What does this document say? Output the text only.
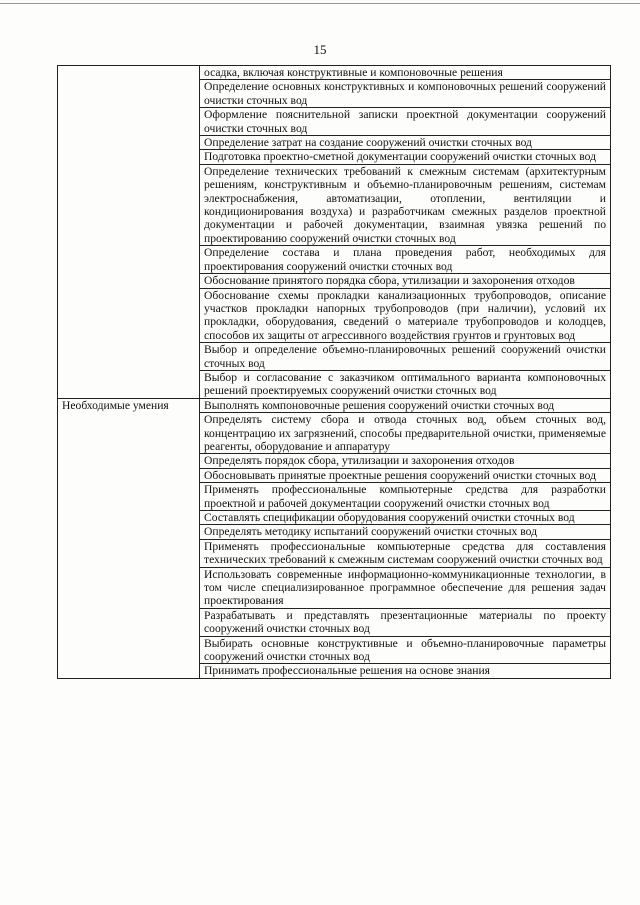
15

	осадка, включая конструктивные и компоновочные решения

	Определение основных конструктивных и компоновочных решений сооружений очистки сточных вод

	Оформление пояснительной записки проектной документации сооружений очистки сточных вод

	Определение затрат на создание сооружений очистки сточных вод

	Подготовка проектно-сметной документации сооружений очистки сточных вод

	Определение технических требований к смежным системам (архитектурным решениям, конструктивным и объемно-планировочным решениям, системам электроснабжения, автоматизации, отоплении, вентиляции и кондиционирования воздуха) и разработчикам смежных разделов проектной документации и рабочей документации, взаимная увязка решений по проектированию сооружений очистки сточных вод

	Определение состава и плана проведения работ, необходимых для проектирования сооружений очистки сточных вод

	Обоснование принятого порядка сбора, утилизации и захоронения отходов

	Обоснование схемы прокладки канализационных трубопроводов, описание участков прокладки напорных трубопроводов (при наличии), условий их прокладки, оборудования, сведений о материале трубопроводов и колодцев, способов их защиты от агрессивного воздействия грунтов и грунтовых вод

	Выбор и определение объемно-планировочных решений сооружений очистки сточных вод

	Выбор и согласование с заказчиком оптимального варианта компоновочных решений проектируемых сооружений очистки сточных вод

Необходимые умения	Выполнять компоновочные решения сооружений очистки сточных вод

	Определять систему сбора и отвода сточных вод, объем сточных вод, концентрацию их загрязнений, способы предварительной очистки, применяемые реагенты, оборудование и аппаратуру

	Определять порядок сбора, утилизации и захоронения отходов

	Обосновывать принятые проектные решения сооружений очистки сточных вод

	Применять профессиональные компьютерные средства для разработки проектной и рабочей документации сооружений очистки сточных вод

	Составлять спецификации оборудования сооружений очистки сточных вод

	Определять методику испытаний сооружений очистки сточных вод

	Применять профессиональные компьютерные средства для составления технических требований к смежным системам сооружений очистки сточных вод

	Использовать современные информационно-коммуникационные технологии, в том числе специализированное программное обеспечение для решения задач проектирования

	Разрабатывать и представлять презентационные материалы по проекту сооружений очистки сточных вод

	Выбирать основные конструктивные и объемно-планировочные параметры сооружений очистки сточных вод

	Принимать профессиональные решения на основе знания
